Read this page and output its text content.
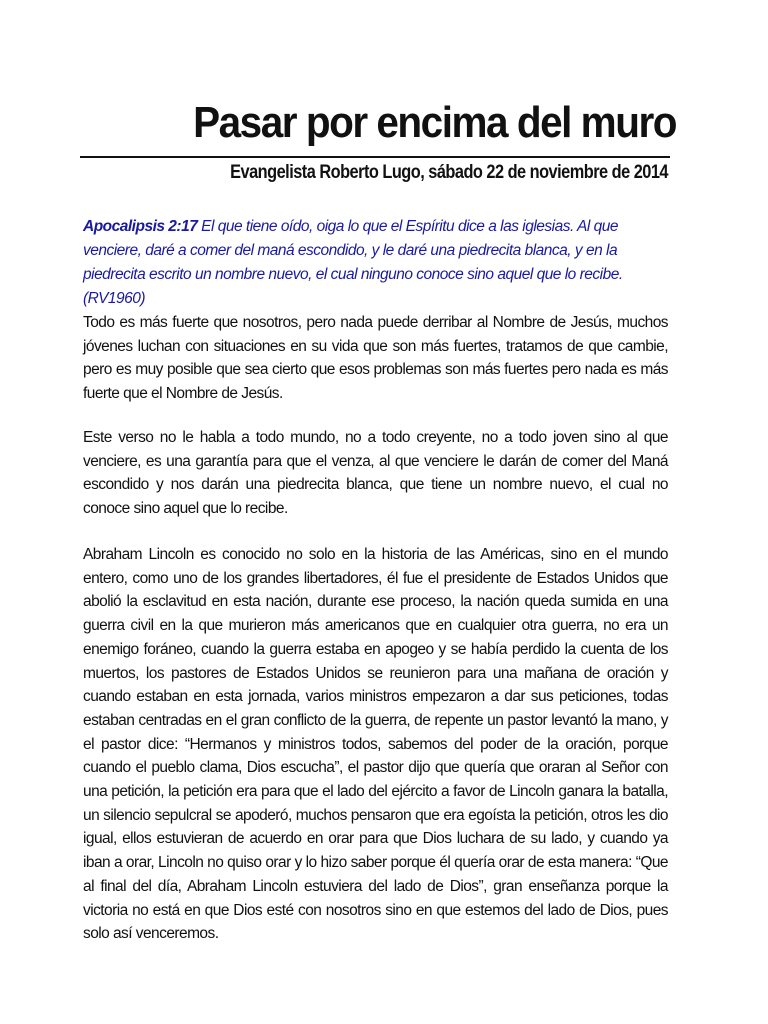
Pasar por encima del muro
Evangelista Roberto Lugo, sábado 22 de noviembre de 2014
Apocalipsis 2:17 El que tiene oído, oiga lo que el Espíritu dice a las iglesias. Al que venciere, daré a comer del maná escondido, y le daré una piedrecita blanca, y en la piedrecita escrito un nombre nuevo, el cual ninguno conoce sino aquel que lo recibe. (RV1960)

Todo es más fuerte que nosotros, pero nada puede derribar al Nombre de Jesús, muchos jóvenes luchan con situaciones en su vida que son más fuertes, tratamos de que cambie, pero es muy posible que sea cierto que esos problemas son más fuertes pero nada es más fuerte que el Nombre de Jesús.

Este verso no le habla a todo mundo, no a todo creyente, no a todo joven sino al que venciere, es una garantía para que el venza, al que venciere le darán de comer del Maná escondido y nos darán una piedrecita blanca, que tiene un nombre nuevo, el cual no conoce sino aquel que lo recibe.

Abraham Lincoln es conocido no solo en la historia de las Américas, sino en el mundo entero, como uno de los grandes libertadores, él fue el presidente de Estados Unidos que abolió la esclavitud en esta nación, durante ese proceso, la nación queda sumida en una guerra civil en la que murieron más americanos que en cualquier otra guerra, no era un enemigo foráneo, cuando la guerra estaba en apogeo y se había perdido la cuenta de los muertos, los pastores de Estados Unidos se reunieron para una mañana de oración y cuando estaban en esta jornada, varios ministros empezaron a dar sus peticiones, todas estaban centradas en el gran conflicto de la guerra, de repente un pastor levantó la mano, y el pastor dice: “Hermanos y ministros todos, sabemos del poder de la oración, porque cuando el pueblo clama, Dios escucha”, el pastor dijo que quería que oraran al Señor con una petición, la petición era para que el lado del ejército a favor de Lincoln ganara la batalla, un silencio sepulcral se apoderó, muchos pensaron que era egoísta la petición, otros les dio igual, ellos estuvieran de acuerdo en orar para que Dios luchara de su lado, y cuando ya iban a orar, Lincoln no quiso orar y lo hizo saber porque él quería orar de esta manera: “Que al final del día, Abraham Lincoln estuviera del lado de Dios”, gran enseñanza porque la victoria no está en que Dios esté con nosotros sino en que estemos del lado de Dios, pues solo así venceremos.
